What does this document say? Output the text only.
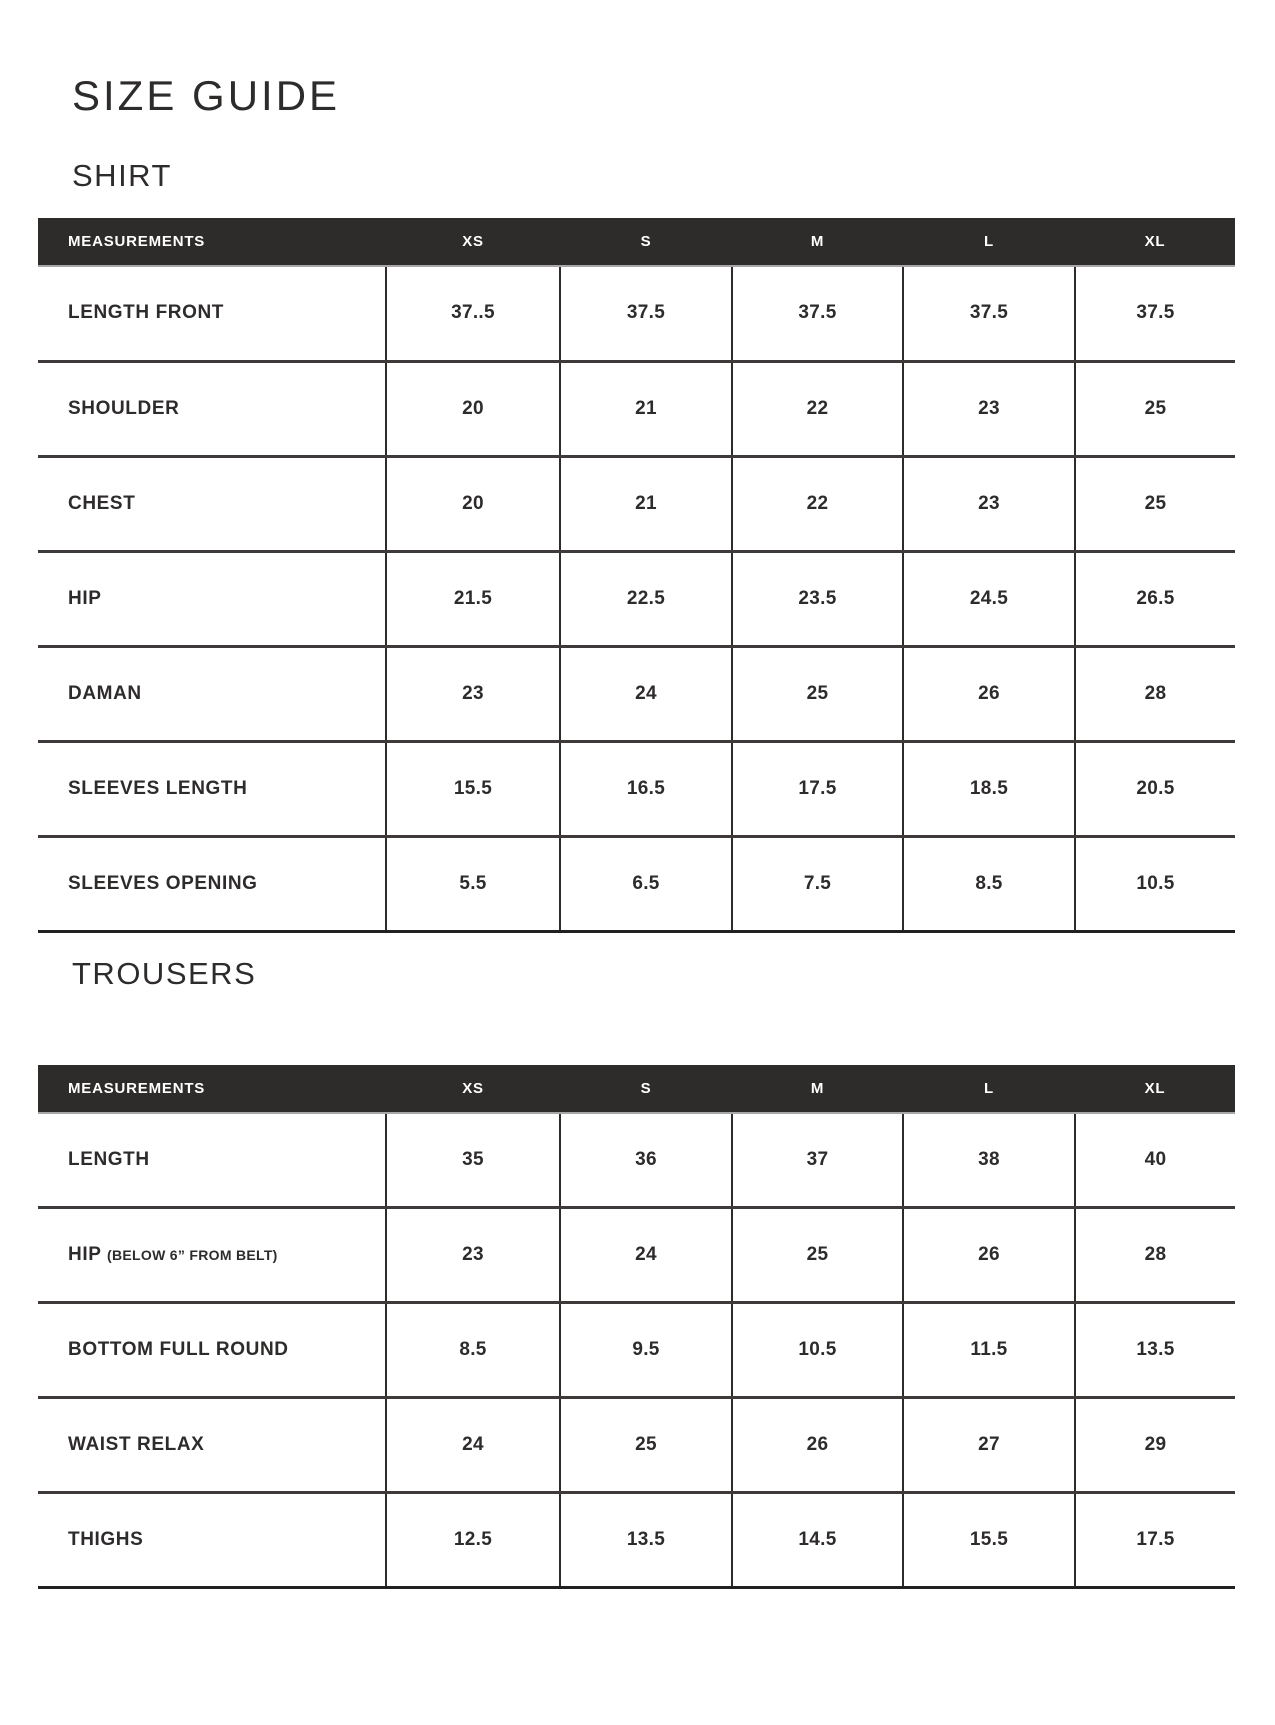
SIZE GUIDE
SHIRT
MEASUREMENTS	XS	S	M	L	XL
LENGTH FRONT	37..5	37.5	37.5	37.5	37.5
SHOULDER	20	21	22	23	25
CHEST	20	21	22	23	25
HIP	21.5	22.5	23.5	24.5	26.5
DAMAN	23	24	25	26	28
SLEEVES LENGTH	15.5	16.5	17.5	18.5	20.5
SLEEVES OPENING	5.5	6.5	7.5	8.5	10.5
TROUSERS
MEASUREMENTS	XS	S	M	L	XL
LENGTH	35	36	37	38	40
HIP (BELOW 6” FROM BELT)	23	24	25	26	28
BOTTOM FULL ROUND	8.5	9.5	10.5	11.5	13.5
WAIST RELAX	24	25	26	27	29
THIGHS	12.5	13.5	14.5	15.5	17.5
